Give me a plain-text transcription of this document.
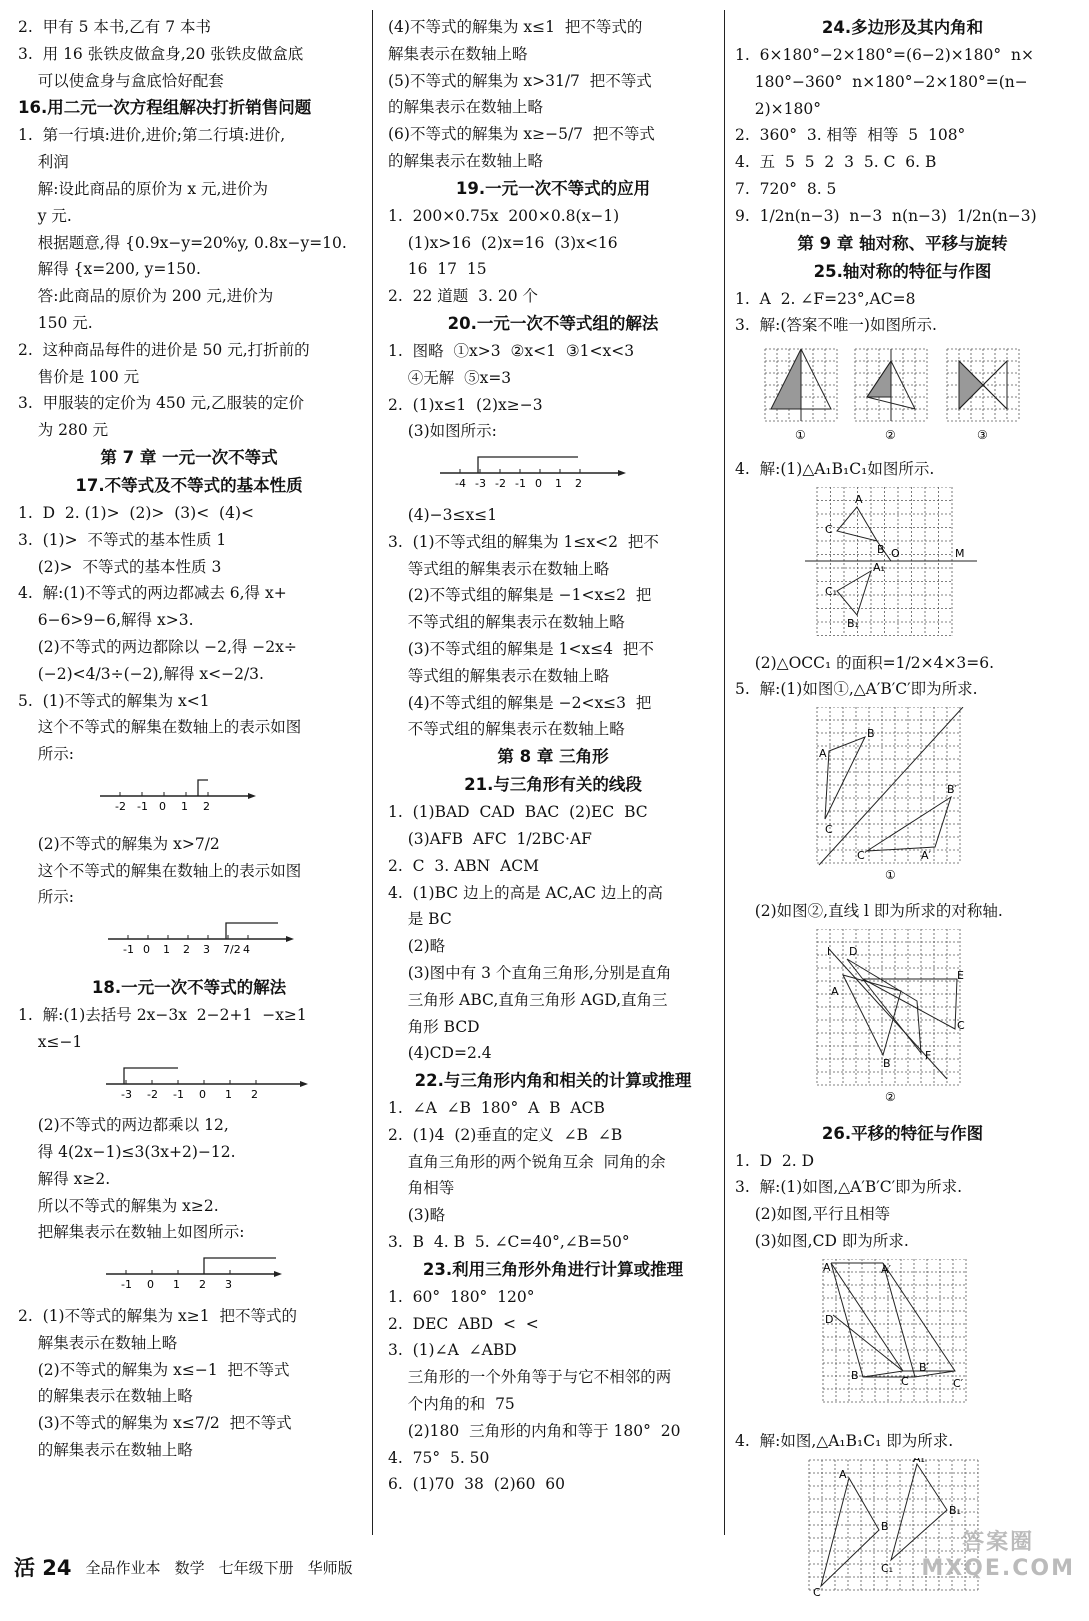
2.  甲有 5 本书,乙有 7 本书
3.  用 16 张铁皮做盒身,20 张铁皮做盒底
可以使盒身与盒底恰好配套
16.用二元一次方程组解决打折销售问题
1.  第一行填:进价,进价;第二行填:进价,
利润
解:设此商品的原价为 x 元,进价为
y 元.
根据题意,得 {0.9x−y=20%y, 0.8x−y=10.
解得 {x=200, y=150.
答:此商品的原价为 200 元,进价为
150 元.
2.  这种商品每件的进价是 50 元,打折前的
售价是 100 元
3.  甲服装的定价为 450 元,乙服装的定价
为 280 元
第 7 章 一元一次不等式
17.不等式及不等式的基本性质
1.  D  2. (1)>  (2)>  (3)<  (4)<
3.  (1)>  不等式的基本性质 1
(2)>  不等式的基本性质 3
4.  解:(1)不等式的两边都减去 6,得 x+
6−6>9−6,解得 x>3.
(2)不等式的两边都除以 −2,得 −2x÷
(−2)<4/3÷(−2),解得 x<−2/3.
5.  (1)不等式的解集为 x<1
这个不等式的解集在数轴上的表示如图
所示:
-2 -1 0 1 2
(2)不等式的解集为 x>7/2
这个不等式的解集在数轴上的表示如图
所示:
-1 0 1 2 3 7/2 4
18.一元一次不等式的解法
1.  解:(1)去括号 2x−3x  2−2+1  −x≥1
x≤−1
-3 -2 -1 0 1 2
(2)不等式的两边都乘以 12,
得 4(2x−1)≤3(3x+2)−12.
解得 x≥2.
所以不等式的解集为 x≥2.
把解集表示在数轴上如图所示:
-1 0 1 2 3
2.  (1)不等式的解集为 x≥1  把不等式的
解集表示在数轴上略
(2)不等式的解集为 x≤−1  把不等式
的解集表示在数轴上略
(3)不等式的解集为 x≤7/2  把不等式
的解集表示在数轴上略
(4)不等式的解集为 x≤1  把不等式的
解集表示在数轴上略
(5)不等式的解集为 x>31/7  把不等式
的解集表示在数轴上略
(6)不等式的解集为 x≥−5/7  把不等式
的解集表示在数轴上略
19.一元一次不等式的应用
1.  200×0.75x  200×0.8(x−1)
(1)x>16  (2)x=16  (3)x<16
16  17  15
2.  22 道题  3. 20 个
20.一元一次不等式组的解法
1.  图略  ①x>3  ②x<1  ③1<x<3
④无解  ⑤x=3
2.  (1)x≤1  (2)x≥−3
(3)如图所示:
-4 -3 -2 -1 0 1 2
(4)−3≤x≤1
3.  (1)不等式组的解集为 1≤x<2  把不
等式组的解集表示在数轴上略
(2)不等式组的解集是 −1<x≤2  把
不等式组的解集表示在数轴上略
(3)不等式组的解集是 1<x≤4  把不
等式组的解集表示在数轴上略
(4)不等式组的解集是 −2<x≤3  把
不等式组的解集表示在数轴上略
第 8 章 三角形
21.与三角形有关的线段
1.  (1)BAD  CAD  BAC  (2)EC  BC
(3)AFB  AFC  1/2BC·AF
2.  C  3. ABN  ACM
4.  (1)BC 边上的高是 AC,AC 边上的高
是 BC
(2)略
(3)图中有 3 个直角三角形,分别是直角
三角形 ABC,直角三角形 AGD,直角三
角形 BCD
(4)CD=2.4
22.与三角形内角和相关的计算或推理
1.  ∠A  ∠B  180°  A  B  ACB
2.  (1)4  (2)垂直的定义  ∠B  ∠B
直角三角形的两个锐角互余  同角的余
角相等
(3)略
3.  B  4. B  5. ∠C=40°,∠B=50°
23.利用三角形外角进行计算或推理
1.  60°  180°  120°
2.  DEC  ABD  <  <
3.  (1)∠A  ∠ABD
三角形的一个外角等于与它不相邻的两
个内角的和  75
(2)180  三角形的内角和等于 180°  20
4.  75°  5. 50
6.  (1)70  38  (2)60  60
24.多边形及其内角和
1.  6×180°−2×180°=(6−2)×180°  n×
180°−360°  n×180°−2×180°=(n−
2)×180°
2.  360°  3. 相等  相等  5  108°
4.  五  5  5  2  3  5. C  6. B
7.  720°  8. 5
9.  1/2n(n−3)  n−3  n(n−3)  1/2n(n−3)
第 9 章 轴对称、平移与旋转
25.轴对称的特征与作图
1.  A  2. ∠F=23°,AC=8
3.  解:(答案不唯一)如图所示.
①	②	③
4.  解:(1)△A₁B₁C₁如图所示.
A
B
C
O	M
C₁
A₁
B₁
(2)△OCC₁ 的面积=1/2×4×3=6.
5.  解:(1)如图①,△A′B′C′即为所求.
A
B
C
A′
B′
C′
①
(2)如图②,直线 l 即为所求的对称轴.
l D
A
B
C
E
F
②
26.平移的特征与作图
1.  D  2. D
3.  解:(1)如图,△A′B′C′即为所求.
(2)如图,平行且相等
(3)如图,CD 即为所求.
A
B	C
D
A′
B′
C′
4.  解:如图,△A₁B₁C₁ 即为所求.
A
B
C
A₁
B₁
C₁
活 24 全品作业本 数学 七年级下册 华师版
答案圈
MXQE.COM
